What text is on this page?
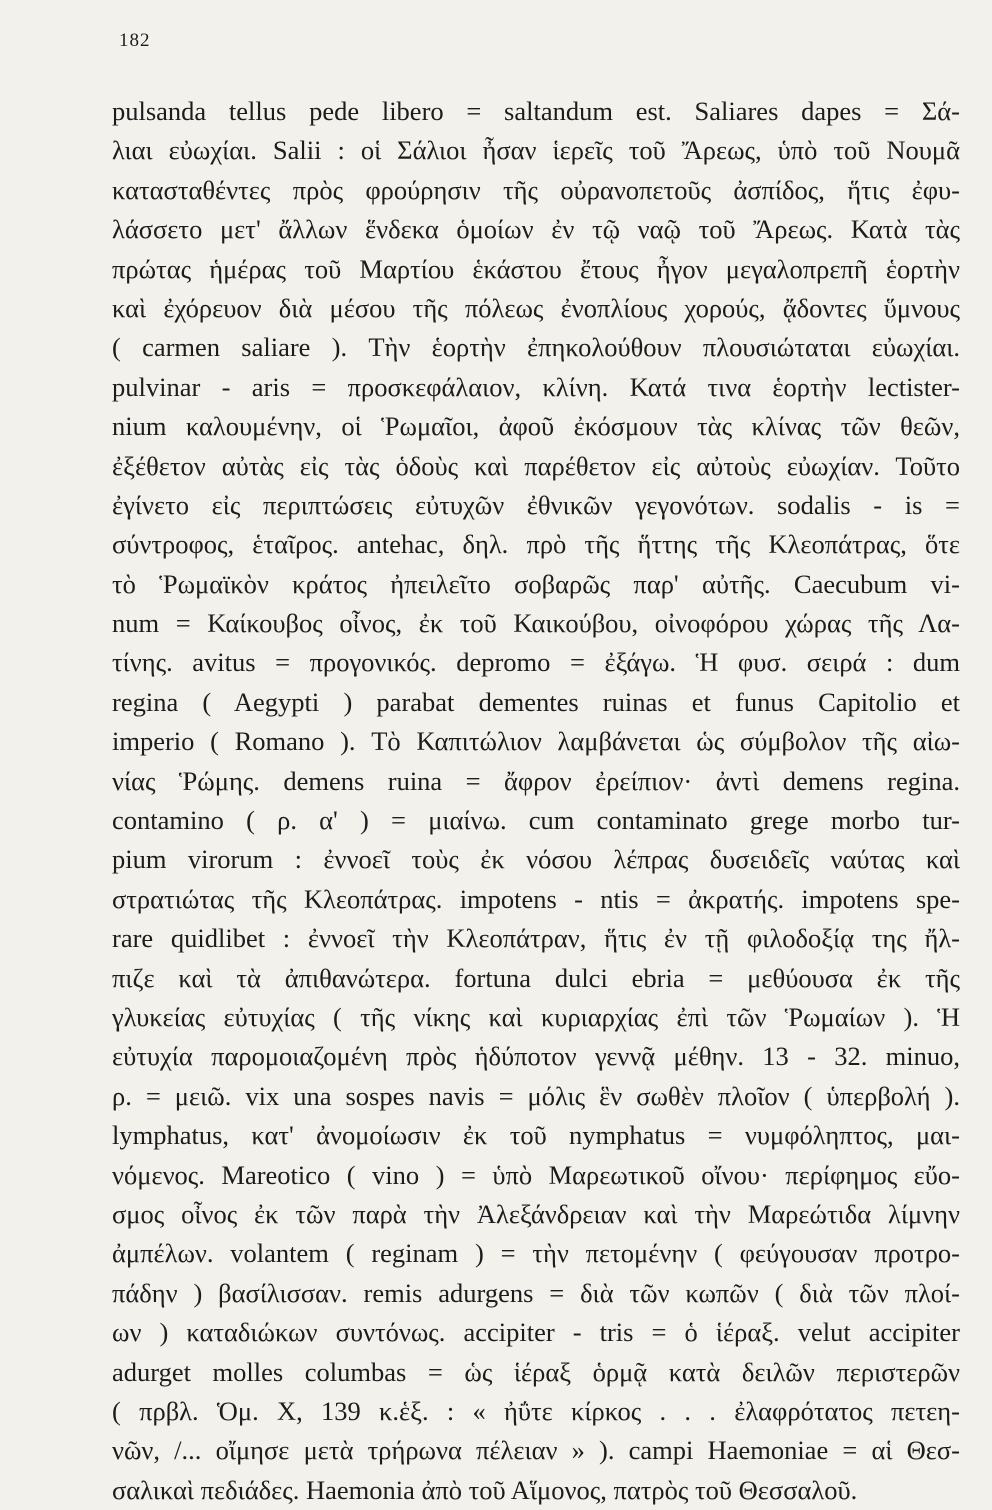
182
pulsanda tellus pede libero = saltandum est. Saliares dapes = Σά-
λιαι εὐωχίαι. Salii : οἱ Σάλιοι ἦσαν ἱερεῖς τοῦ Ἄρεως, ὑπὸ τοῦ Νουμᾶ
κατασταθέντες πρὸς φρούρησιν τῆς οὐρανοπετοῦς ἀσπίδος, ἥτις ἐφυ-
λάσσετο μετ' ἄλλων ἕνδεκα ὁμοίων ἐν τῷ ναῷ τοῦ Ἄρεως. Κατὰ τὰς
πρώτας ἡμέρας τοῦ Μαρτίου ἑκάστου ἔτους ἦγον μεγαλοπρεπῆ ἑορτὴν
καὶ ἐχόρευον διὰ μέσου τῆς πόλεως ἐνοπλίους χορούς, ᾄδοντες ὕμνους
( carmen saliare ). Τὴν ἑορτὴν ἐπηκολούθουν πλουσιώταται εὐωχίαι.
pulvinar - aris = προσκεφάλαιον, κλίνη. Κατά τινα ἑορτὴν lectister-
nium καλουμένην, οἱ Ῥωμαῖοι, ἀφοῦ ἐκόσμουν τὰς κλίνας τῶν θεῶν,
ἐξέθετον αὐτὰς εἰς τὰς ὁδοὺς καὶ παρέθετον εἰς αὐτοὺς εὐωχίαν. Τοῦτο
ἐγίνετο εἰς περιπτώσεις εὐτυχῶν ἐθνικῶν γεγονότων. sodalis - is =
σύντροφος, ἑταῖρος. antehac, δηλ. πρὸ τῆς ἥττης τῆς Κλεοπάτρας, ὅτε
τὸ Ῥωμαϊκὸν κράτος ἠπειλεῖτο σοβαρῶς παρ' αὐτῆς. Caecubum vi-
num = Καίκουβος οἶνος, ἐκ τοῦ Καικούβου, οἰνοφόρου χώρας τῆς Λα-
τίνης. avitus = προγονικός. depromo = ἐξάγω. Ἡ φυσ. σειρά : dum
regina ( Aegypti ) parabat dementes ruinas et funus Capitolio et
imperio ( Romano ). Τὸ Καπιτώλιον λαμβάνεται ὡς σύμβολον τῆς αἰω-
νίας Ῥώμης. demens ruina = ἄφρον ἐρείπιον· ἀντὶ demens regina.
contamino ( ρ. α' ) = μιαίνω. cum contaminato grege morbo tur-
pium virorum : ἐννοεῖ τοὺς ἐκ νόσου λέπρας δυσειδεῖς ναύτας καὶ
στρατιώτας τῆς Κλεοπάτρας. impotens - ntis = ἀκρατής. impotens spe-
rare quidlibet : ἐννοεῖ τὴν Κλεοπάτραν, ἥτις ἐν τῇ φιλοδοξίᾳ της ἤλ-
πιζε καὶ τὰ ἀπιθανώτερα. fortuna dulci ebria = μεθύουσα ἐκ τῆς
γλυκείας εὐτυχίας ( τῆς νίκης καὶ κυριαρχίας ἐπὶ τῶν Ῥωμαίων ). Ἡ
εὐτυχία παρομοιαζομένη πρὸς ἡδύποτον γεννᾷ μέθην. 13 - 32. minuo,
ρ. = μειῶ. vix una sospes navis = μόλις ἓν σωθὲν πλοῖον ( ὑπερβολή ).
lymphatus, κατ' ἀνομοίωσιν ἐκ τοῦ nymphatus = νυμφόληπτος, μαι-
νόμενος. Mareotico ( vino ) = ὑπὸ Μαρεωτικοῦ οἴνου· περίφημος εὔο-
σμος οἶνος ἐκ τῶν παρὰ τὴν Ἀλεξάνδρειαν καὶ τὴν Μαρεώτιδα λίμνην
ἀμπέλων. volantem ( reginam ) = τὴν πετομένην ( φεύγουσαν προτρο-
πάδην ) βασίλισσαν. remis adurgens = διὰ τῶν κωπῶν ( διὰ τῶν πλοί-
ων ) καταδιώκων συντόνως. accipiter - tris = ὁ ἱέραξ. velut accipiter
adurget molles columbas = ὡς ἱέραξ ὁρμᾷ κατὰ δειλῶν περιστερῶν
( πρβλ. Ὁμ. Χ, 139 κ.ἑξ. : « ἠΰτε κίρκος . . . ἐλαφρότατος πετεη-
νῶν, /... οἴμησε μετὰ τρήρωνα πέλειαν » ). campi Haemoniae = αἱ Θεσ-
σαλικαὶ πεδιάδες. Haemonia ἀπὸ τοῦ Αἵμονος, πατρὸς τοῦ Θεσσαλοῦ.
